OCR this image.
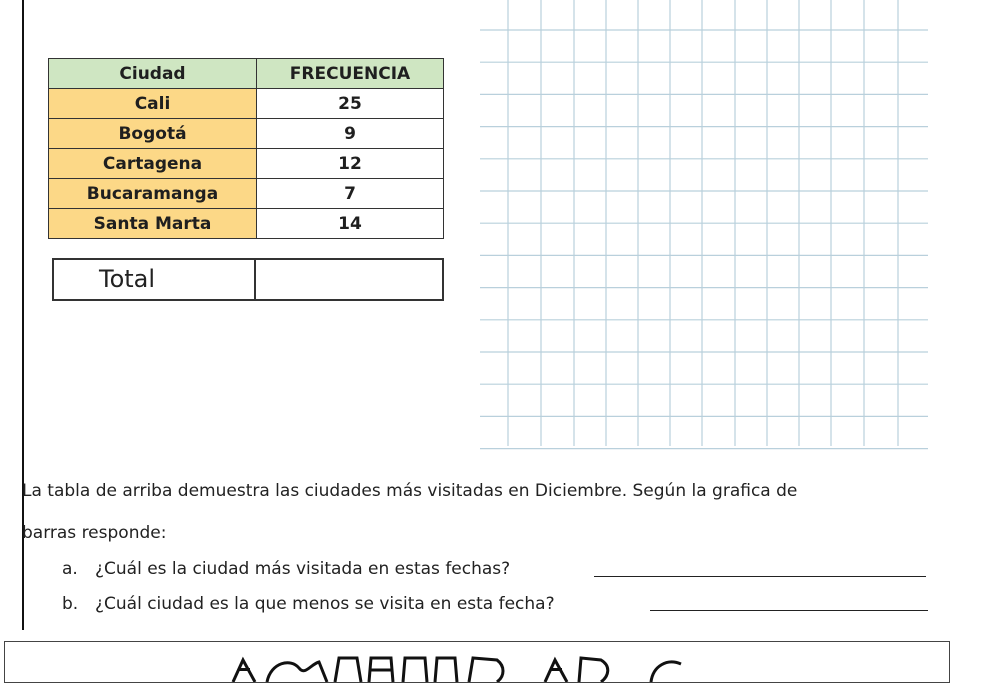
Ciudad	FRECUENCIA
Cali	25
Bogotá	9
Cartagena	12
Bucaramanga	7
Santa Marta	14
Total
La tabla de arriba demuestra las ciudades más visitadas en Diciembre. Según la grafica de
barras responde:
a. ¿Cuál es la ciudad más visitada en estas fechas?
b. ¿Cuál ciudad es la que menos se visita en esta fecha?
